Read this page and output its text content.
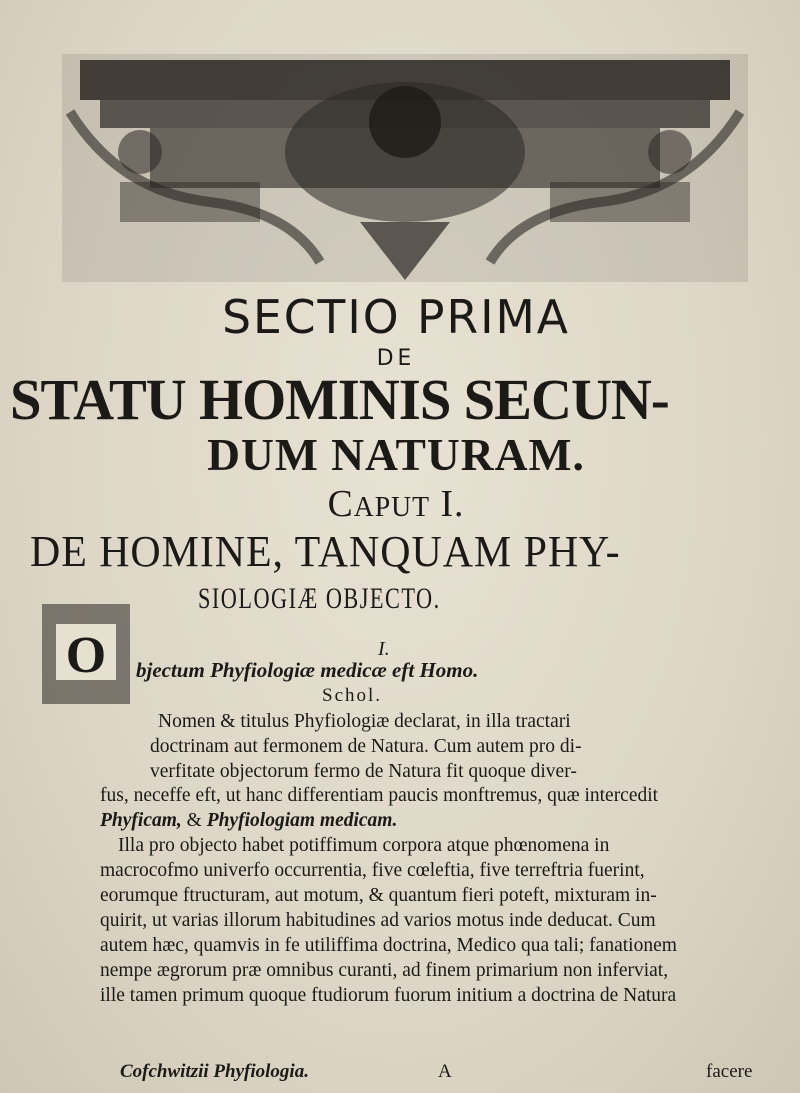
SECTIO PRIMA
DE
STATU HOMINIS SECUN-
DUM NATURAM.
CAPUT I.
DE HOMINE, TANQUAM PHY-
SIOLOGIÆ OBJECTO.
O	I.
bjectum Phyfiologiæ medicæ eft Homo.
Schol.
Nomen & titulus Phyfiologiæ declarat, in illa tractari
doctrinam aut fermonem de Natura. Cum autem pro di-
verfitate objectorum fermo de Natura fit quoque diver-
fus, neceffe eft, ut hanc differentiam paucis monftremus, quæ intercedit
Phyficam, & Phyfiologiam medicam.
Illa pro objecto habet potiffimum corpora atque phœnomena in
macrocofmo univerfo occurrentia, five cœleftia, five terreftria fuerint,
eorumque ftructuram, aut motum, & quantum fieri poteft, mixturam in-
quirit, ut varias illorum habitudines ad varios motus inde deducat. Cum
autem hæc, quamvis in fe utiliffima doctrina, Medico qua tali; fanationem
nempe ægrorum præ omnibus curanti, ad finem primarium non inferviat,
ille tamen primum quoque ftudiorum fuorum initium a doctrina de Natura
Cofchwitzii Phyfiologia.	A	facere
